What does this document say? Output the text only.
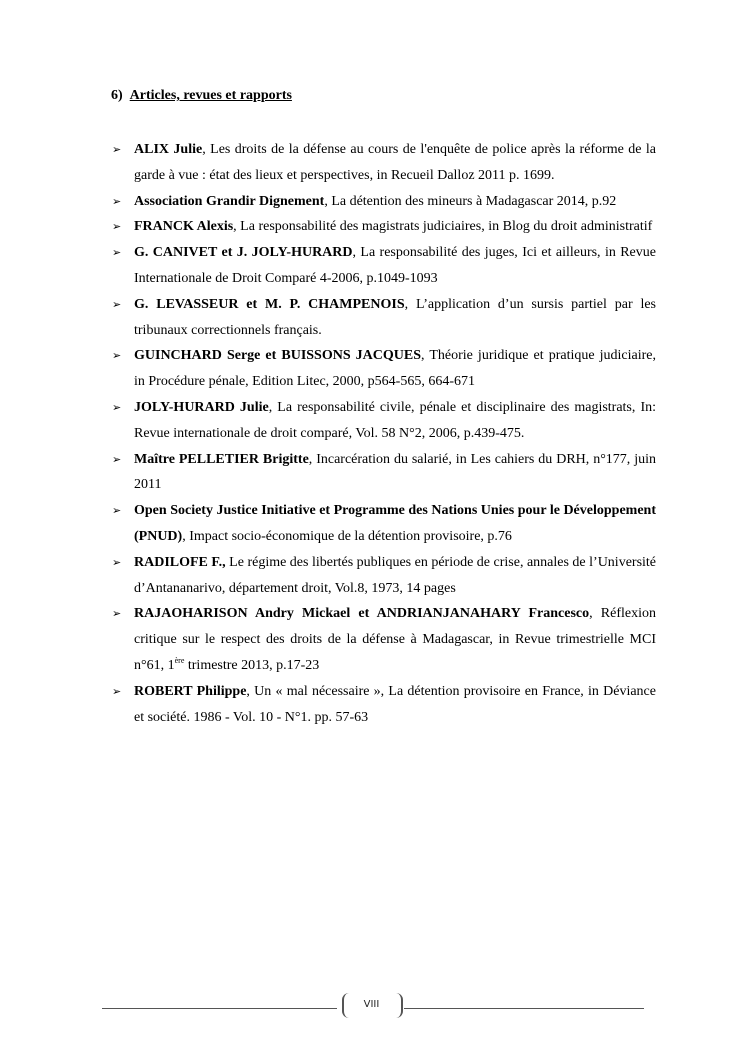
6) Articles, revues et rapports
➢ ALIX Julie, Les droits de la défense au cours de l'enquête de police après la réforme de la garde à vue : état des lieux et perspectives, in Recueil Dalloz 2011 p. 1699.
➢ Association Grandir Dignement, La détention des mineurs à Madagascar 2014, p.92
➢ FRANCK Alexis, La responsabilité des magistrats judiciaires, in Blog du droit administratif
➢ G. CANIVET et J. JOLY-HURARD, La responsabilité des juges, Ici et ailleurs, in Revue Internationale de Droit Comparé 4-2006, p.1049-1093
➢ G. LEVASSEUR et M. P. CHAMPENOIS, L’application d’un sursis partiel par les tribunaux correctionnels français.
➢ GUINCHARD Serge et BUISSONS JACQUES, Théorie juridique et pratique judiciaire, in Procédure pénale, Edition Litec, 2000, p564-565, 664-671
➢ JOLY-HURARD Julie, La responsabilité civile, pénale et disciplinaire des magistrats, In: Revue internationale de droit comparé, Vol. 58 N°2, 2006, p.439-475.
➢ Maître PELLETIER Brigitte, Incarcération du salarié, in Les cahiers du DRH, n°177, juin 2011
➢ Open Society Justice Initiative et Programme des Nations Unies pour le Développement (PNUD), Impact socio-économique de la détention provisoire, p.76
➢ RADILOFE F., Le régime des libertés publiques en période de crise, annales de l’Université d’Antananarivo, département droit, Vol.8, 1973, 14 pages
➢ RAJAOHARISON Andry Mickael et ANDRIANJANAHARY Francesco, Réflexion critique sur le respect des droits de la défense à Madagascar, in Revue trimestrielle MCI n°61, 1ère trimestre 2013, p.17-23
➢ ROBERT Philippe, Un « mal nécessaire », La détention provisoire en France, in Déviance et société. 1986 - Vol. 10 - N°1. pp. 57-63
VIII
